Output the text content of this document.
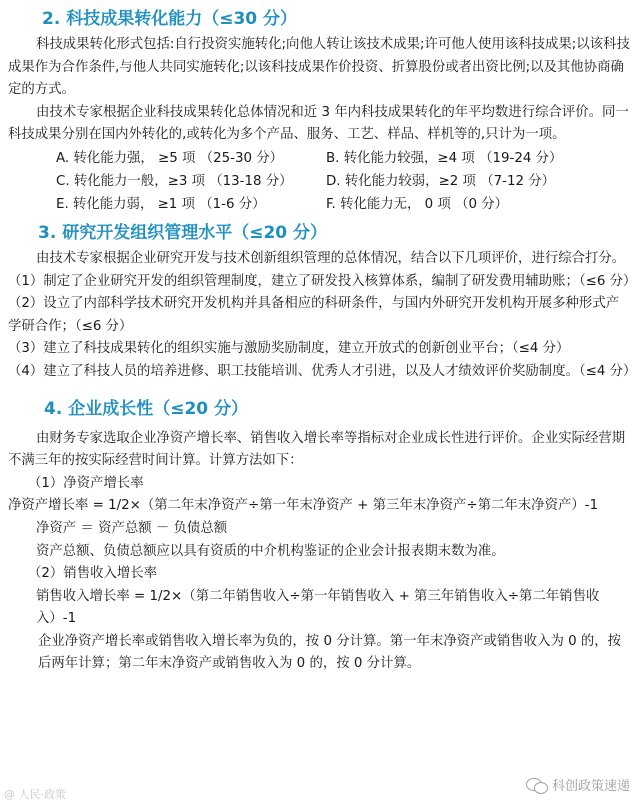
2. 科技成果转化能力（≤30 分）

科技成果转化形式包括:自行投资实施转化;向他人转让该技术成果;许可他人使用该科技成果;以该科技成果作为合作条件,与他人共同实施转化;以该科技成果作价投资、折算股份或者出资比例;以及其他协商确定的方式。

由技术专家根据企业科技成果转化总体情况和近 3 年内科技成果转化的年平均数进行综合评价。同一科技成果分别在国内外转化的,或转化为多个产品、服务、工艺、样品、样机等的,只计为一项。

A. 转化能力强， ≥5 项 （25-30 分）	B. 转化能力较强，≥4 项 （19-24 分）
C. 转化能力一般，≥3 项 （13-18 分）	D. 转化能力较弱，≥2 项 （7-12 分）
E. 转化能力弱， ≥1 项 （1-6 分）	F. 转化能力无， 0 项 （0 分）
3. 研究开发组织管理水平（≤20 分）

由技术专家根据企业研究开发与技术创新组织管理的总体情况，结合以下几项评价，进行综合打分。

（1）制定了企业研究开发的组织管理制度，建立了研发投入核算体系，编制了研发费用辅助账；（≤6 分）

（2）设立了内部科学技术研究开发机构并具备相应的科研条件，与国内外研究开发机构开展多种形式产学研合作；（≤6 分）

（3）建立了科技成果转化的组织实施与激励奖励制度，建立开放式的创新创业平台；（≤4 分）

（4）建立了科技人员的培养进修、职工技能培训、优秀人才引进，以及人才绩效评价奖励制度。（≤4 分）

4. 企业成长性（≤20 分）

由财务专家选取企业净资产增长率、销售收入增长率等指标对企业成长性进行评价。企业实际经营期不满三年的按实际经营时间计算。计算方法如下：

（1）净资产增长率

净资产增长率 = 1/2×（第二年末净资产÷第一年末净资产 + 第三年末净资产÷第二年末净资产）-1

净资产 ＝ 资产总额 － 负债总额

资产总额、负债总额应以具有资质的中介机构鉴证的企业会计报表期末数为准。

（2）销售收入增长率

销售收入增长率 = 1/2×（第二年销售收入÷第一年销售收入 + 第三年销售收入÷第二年销售收入）-1

企业净资产增长率或销售收入增长率为负的，按 0 分计算。第一年末净资产或销售收入为 0 的，按后两年计算；第二年末净资产或销售收入为 0 的，按 0 分计算。

@ 人民·政策
科创政策速递
